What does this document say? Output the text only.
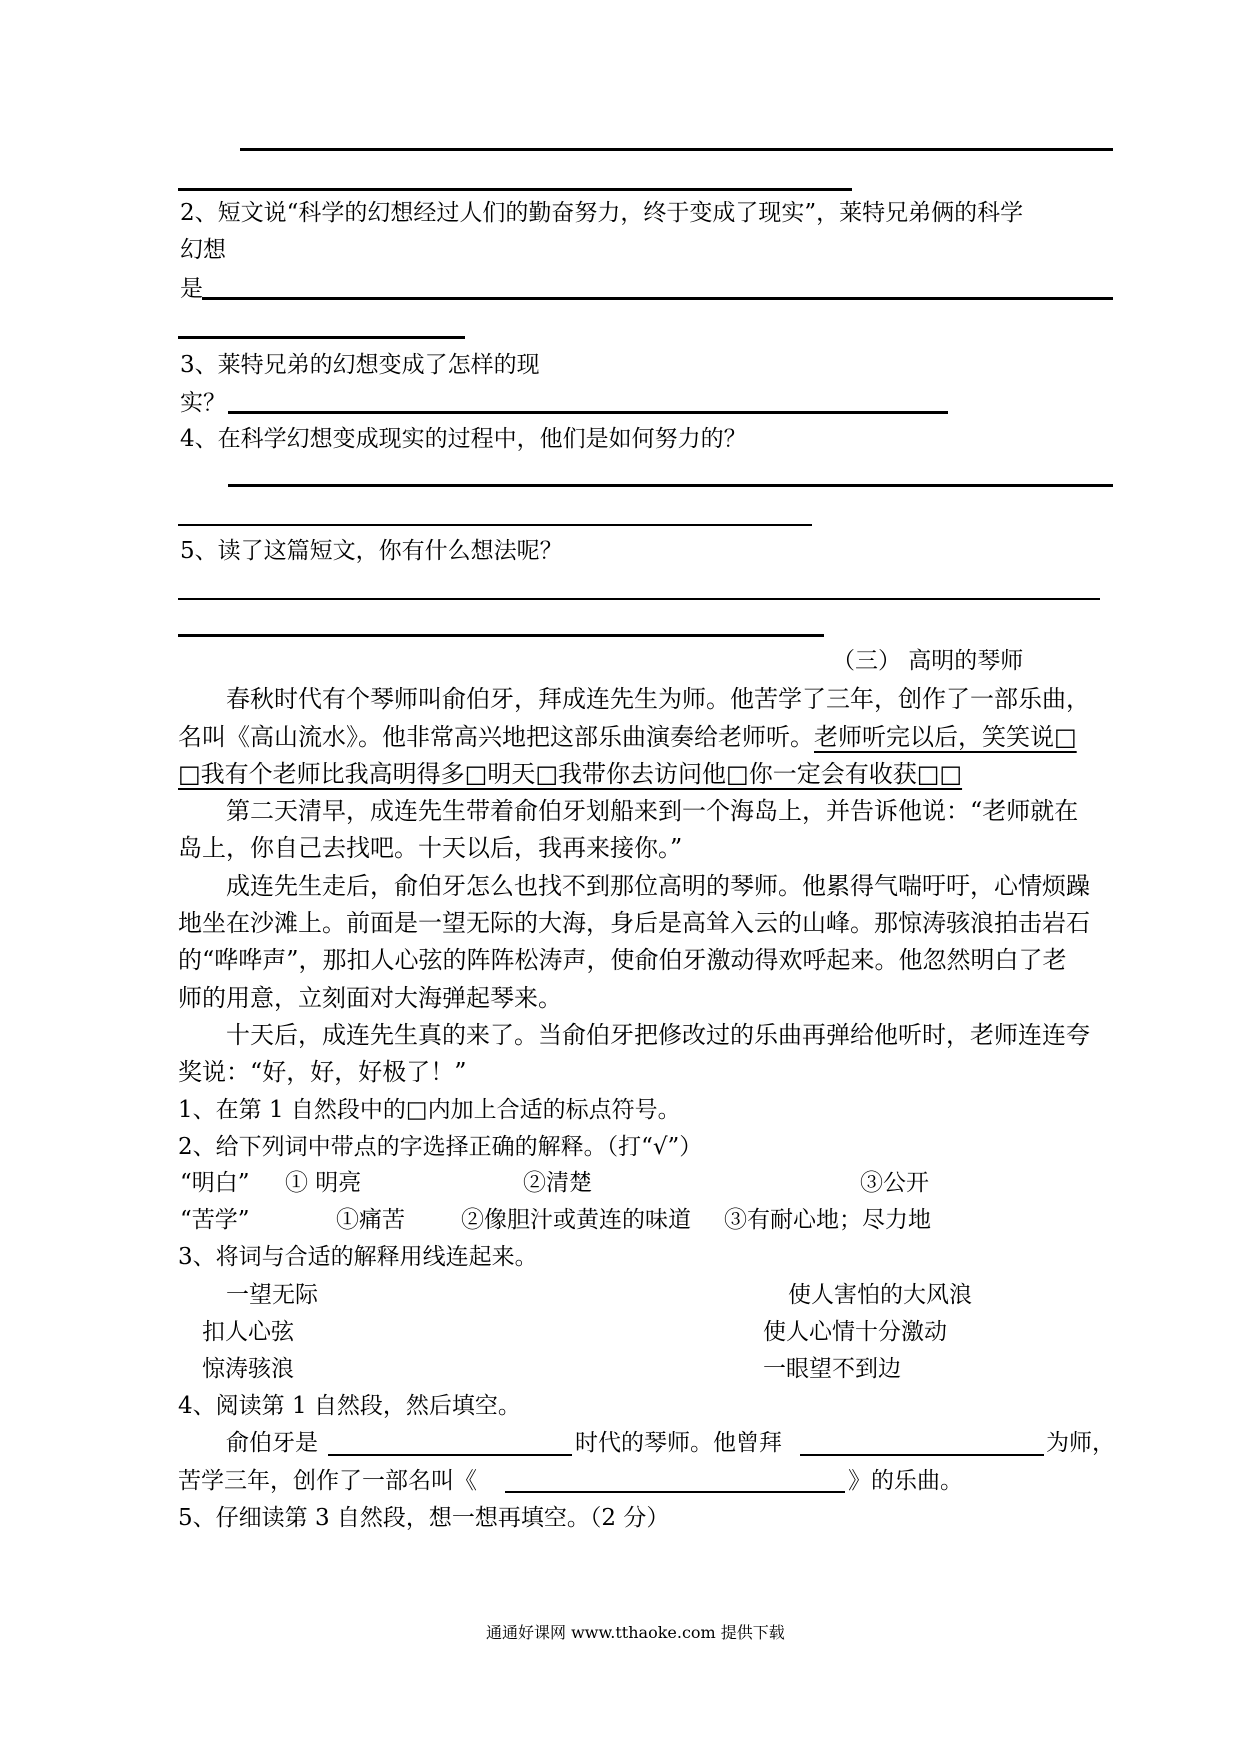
2、短文说“科学的幻想经过人们的勤奋努力，终于变成了现实”，莱特兄弟俩的科学
幻想
是
3、莱特兄弟的幻想变成了怎样的现
实？
4、在科学幻想变成现实的过程中，他们是如何努力的？
5、读了这篇短文，你有什么想法呢？
（三） 高明的琴师
春秋时代有个琴师叫俞伯牙，拜成连先生为师。他苦学了三年，创作了一部乐曲，
名叫《高山流水》。他非常高兴地把这部乐曲演奏给老师听。老师听完以后，笑笑说□
□我有个老师比我高明得多□明天□我带你去访问他□你一定会有收获□□
第二天清早，成连先生带着俞伯牙划船来到一个海岛上，并告诉他说：“老师就在
岛上，你自己去找吧。十天以后，我再来接你。”
成连先生走后，俞伯牙怎么也找不到那位高明的琴师。他累得气喘吁吁，心情烦躁
地坐在沙滩上。前面是一望无际的大海，身后是高耸入云的山峰。那惊涛骇浪拍击岩石
的“哗哗声”，那扣人心弦的阵阵松涛声，使俞伯牙激动得欢呼起来。他忽然明白了老
师的用意，立刻面对大海弹起琴来。
十天后，成连先生真的来了。当俞伯牙把修改过的乐曲再弹给他听时，老师连连夸
奖说：“好，好，好极了！”
1、在第 1 自然段中的□内加上合适的标点符号。
2、给下列词中带点的字选择正确的解释。（打“√”）
“明白” ① 明亮	②清楚	③公开
“苦学”	①痛苦 ②像胆汁或黄连的味道 ③有耐心地；尽力地
3、将词与合适的解释用线连起来。
一望无际	使人害怕的大风浪
扣人心弦	使人心情十分激动
惊涛骇浪	一眼望不到边
4、阅读第 1 自然段，然后填空。
俞伯牙是	时代的琴师。他曾拜	为师，
苦学三年，创作了一部名叫《	》的乐曲。
5、仔细读第 3 自然段，想一想再填空。（2 分）
通通好课网 www.tthaoke.com 提供下载
